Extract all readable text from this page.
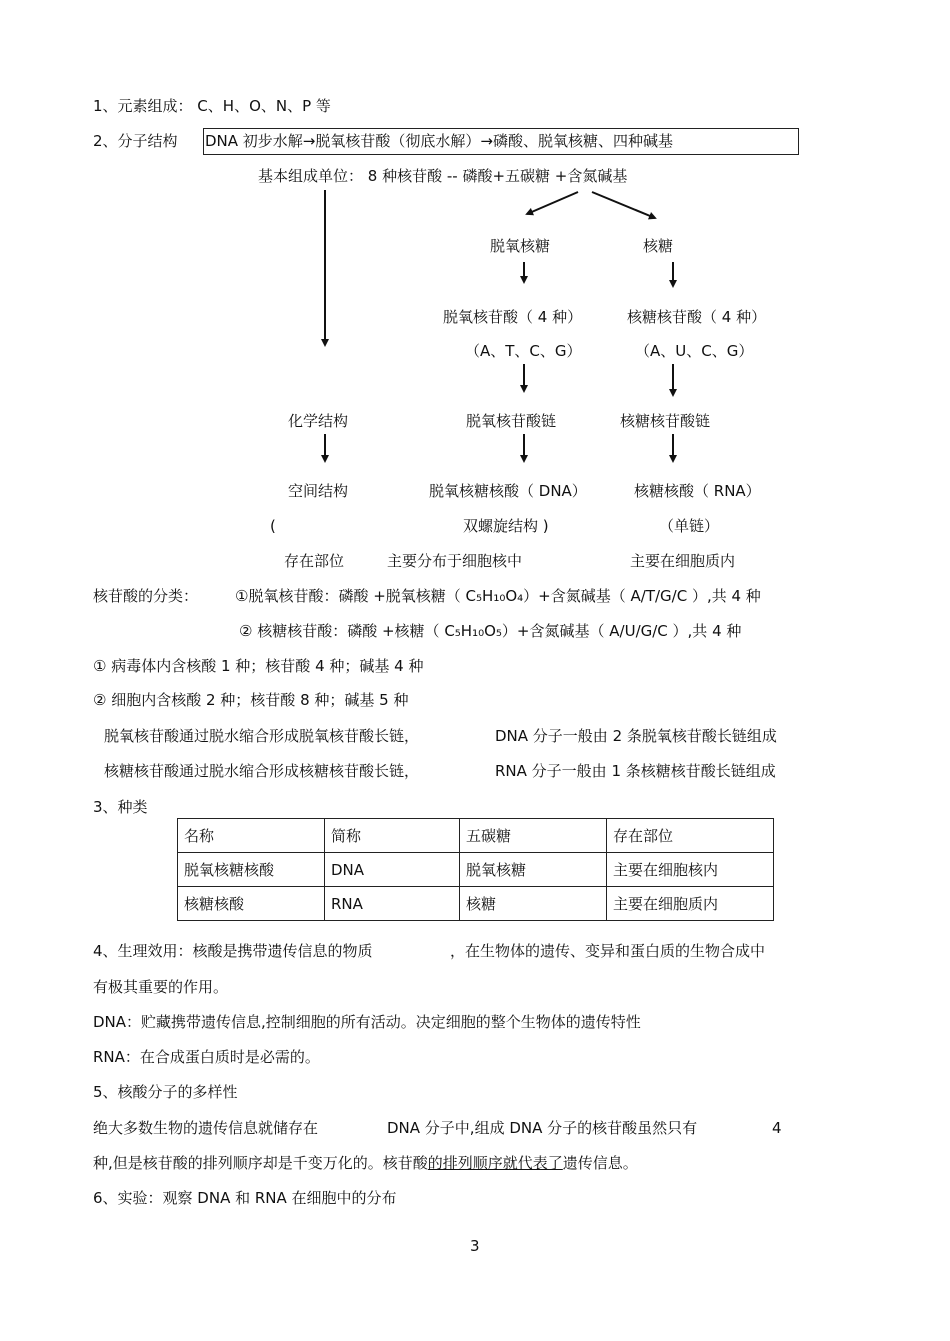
1、元素组成： C、H、O、N、P 等
2、分子结构 DNA 初步水解→脱氧核苷酸（彻底水解）→磷酸、脱氧核糖、四种碱基
基本组成单位： 8 种核苷酸 -- 磷酸+五碳糖 +含氮碱基
脱氧核糖	核糖
脱氧核苷酸（ 4 种）	核糖核苷酸（ 4 种）
（A、T、C、G）	（A、U、C、G）
化学结构	脱氧核苷酸链	核糖核苷酸链
空间结构	脱氧核糖核酸（ DNA）	核糖核酸（ RNA）
(	双螺旋结构 )	（单链）
存在部位	主要分布于细胞核中	主要在细胞质内
核苷酸的分类： ①脱氧核苷酸：磷酸 +脱氧核糖（ C₅H₁₀O₄）+含氮碱基（ A/T/G/C ）,共 4 种
② 核糖核苷酸：磷酸 +核糖（ C₅H₁₀O₅）+含氮碱基（ A/U/G/C ）,共 4 种
① 病毒体内含核酸 1 种；核苷酸 4 种；碱基 4 种
② 细胞内含核酸 2 种；核苷酸 8 种；碱基 5 种
脱氧核苷酸通过脱水缩合形成脱氧核苷酸长链，	DNA 分子一般由 2 条脱氧核苷酸长链组成
核糖核苷酸通过脱水缩合形成核糖核苷酸长链，	RNA 分子一般由 1 条核糖核苷酸长链组成
3、种类
名称	简称	五碳糖	存在部位
脱氧核糖核酸	DNA	脱氧核糖	主要在细胞核内
核糖核酸	RNA	核糖	主要在细胞质内
4、生理效用：核酸是携带遗传信息的物质	，在生物体的遗传、变异和蛋白质的生物合成中
有极其重要的作用。
DNA：贮藏携带遗传信息,控制细胞的所有活动。决定细胞的整个生物体的遗传特性
RNA：在合成蛋白质时是必需的。
5、核酸分子的多样性
绝大多数生物的遗传信息就储存在	DNA 分子中,组成 DNA 分子的核苷酸虽然只有	4
种,但是核苷酸的排列顺序却是千变万化的。核苷酸的排列顺序就代表了遗传信息。
6、实验：观察 DNA 和 RNA 在细胞中的分布
3
